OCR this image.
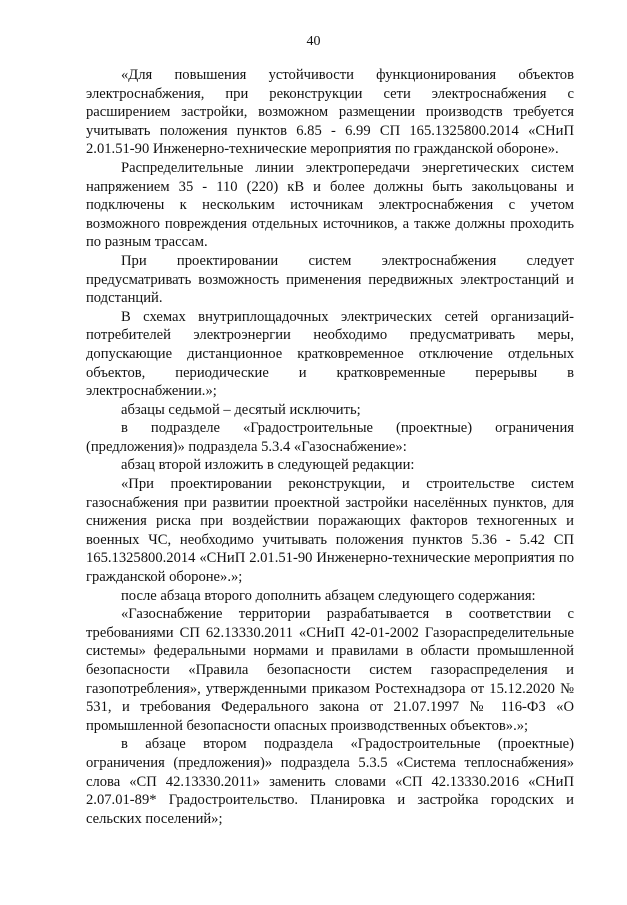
40

«Для повышения устойчивости функционирования объектов электроснабжения, при реконструкции сети электроснабжения с расширением застройки, возможном размещении производств требуется учитывать положения пунктов 6.85 - 6.99 СП 165.1325800.2014 «СНиП 2.01.51-90 Инженерно-технические мероприятия по гражданской обороне».

Распределительные линии электропередачи энергетических систем напряжением 35 - 110 (220) кВ и более должны быть закольцованы и подключены к нескольким источникам электроснабжения с учетом возможного повреждения отдельных источников, а также должны проходить по разным трассам.

При проектировании систем электроснабжения следует предусматривать возможность применения передвижных электростанций и подстанций.

В схемах внутриплощадочных электрических сетей организаций-потребителей электроэнергии необходимо предусматривать меры, допускающие дистанционное кратковременное отключение отдельных объектов, периодические и кратковременные перерывы в электроснабжении.»;

абзацы седьмой – десятый исключить;

в подразделе «Градостроительные (проектные) ограничения (предложения)» подраздела 5.3.4 «Газоснабжение»:

абзац второй изложить в следующей редакции:

«При проектировании реконструкции, и строительстве систем газоснабжения при развитии проектной застройки населённых пунктов, для снижения риска при воздействии поражающих факторов техногенных и военных ЧС, необходимо учитывать положения пунктов 5.36 - 5.42 СП 165.1325800.2014 «СНиП 2.01.51-90 Инженерно-технические мероприятия по гражданской обороне».»;

после абзаца второго дополнить абзацем следующего содержания:

«Газоснабжение территории разрабатывается в соответствии с требованиями СП 62.13330.2011 «СНиП 42-01-2002 Газораспределительные системы» федеральными нормами и правилами в области промышленной безопасности «Правила безопасности систем газораспределения и газопотребления», утвержденными приказом Ростехнадзора от 15.12.2020 № 531, и требования Федерального закона от 21.07.1997 № 116-ФЗ «О промышленной безопасности опасных производственных объектов».»;

в абзаце втором подраздела «Градостроительные (проектные) ограничения (предложения)» подраздела 5.3.5 «Система теплоснабжения» слова «СП 42.13330.2011» заменить словами «СП 42.13330.2016 «СНиП 2.07.01-89* Градостроительство. Планировка и застройка городских и сельских поселений»;
